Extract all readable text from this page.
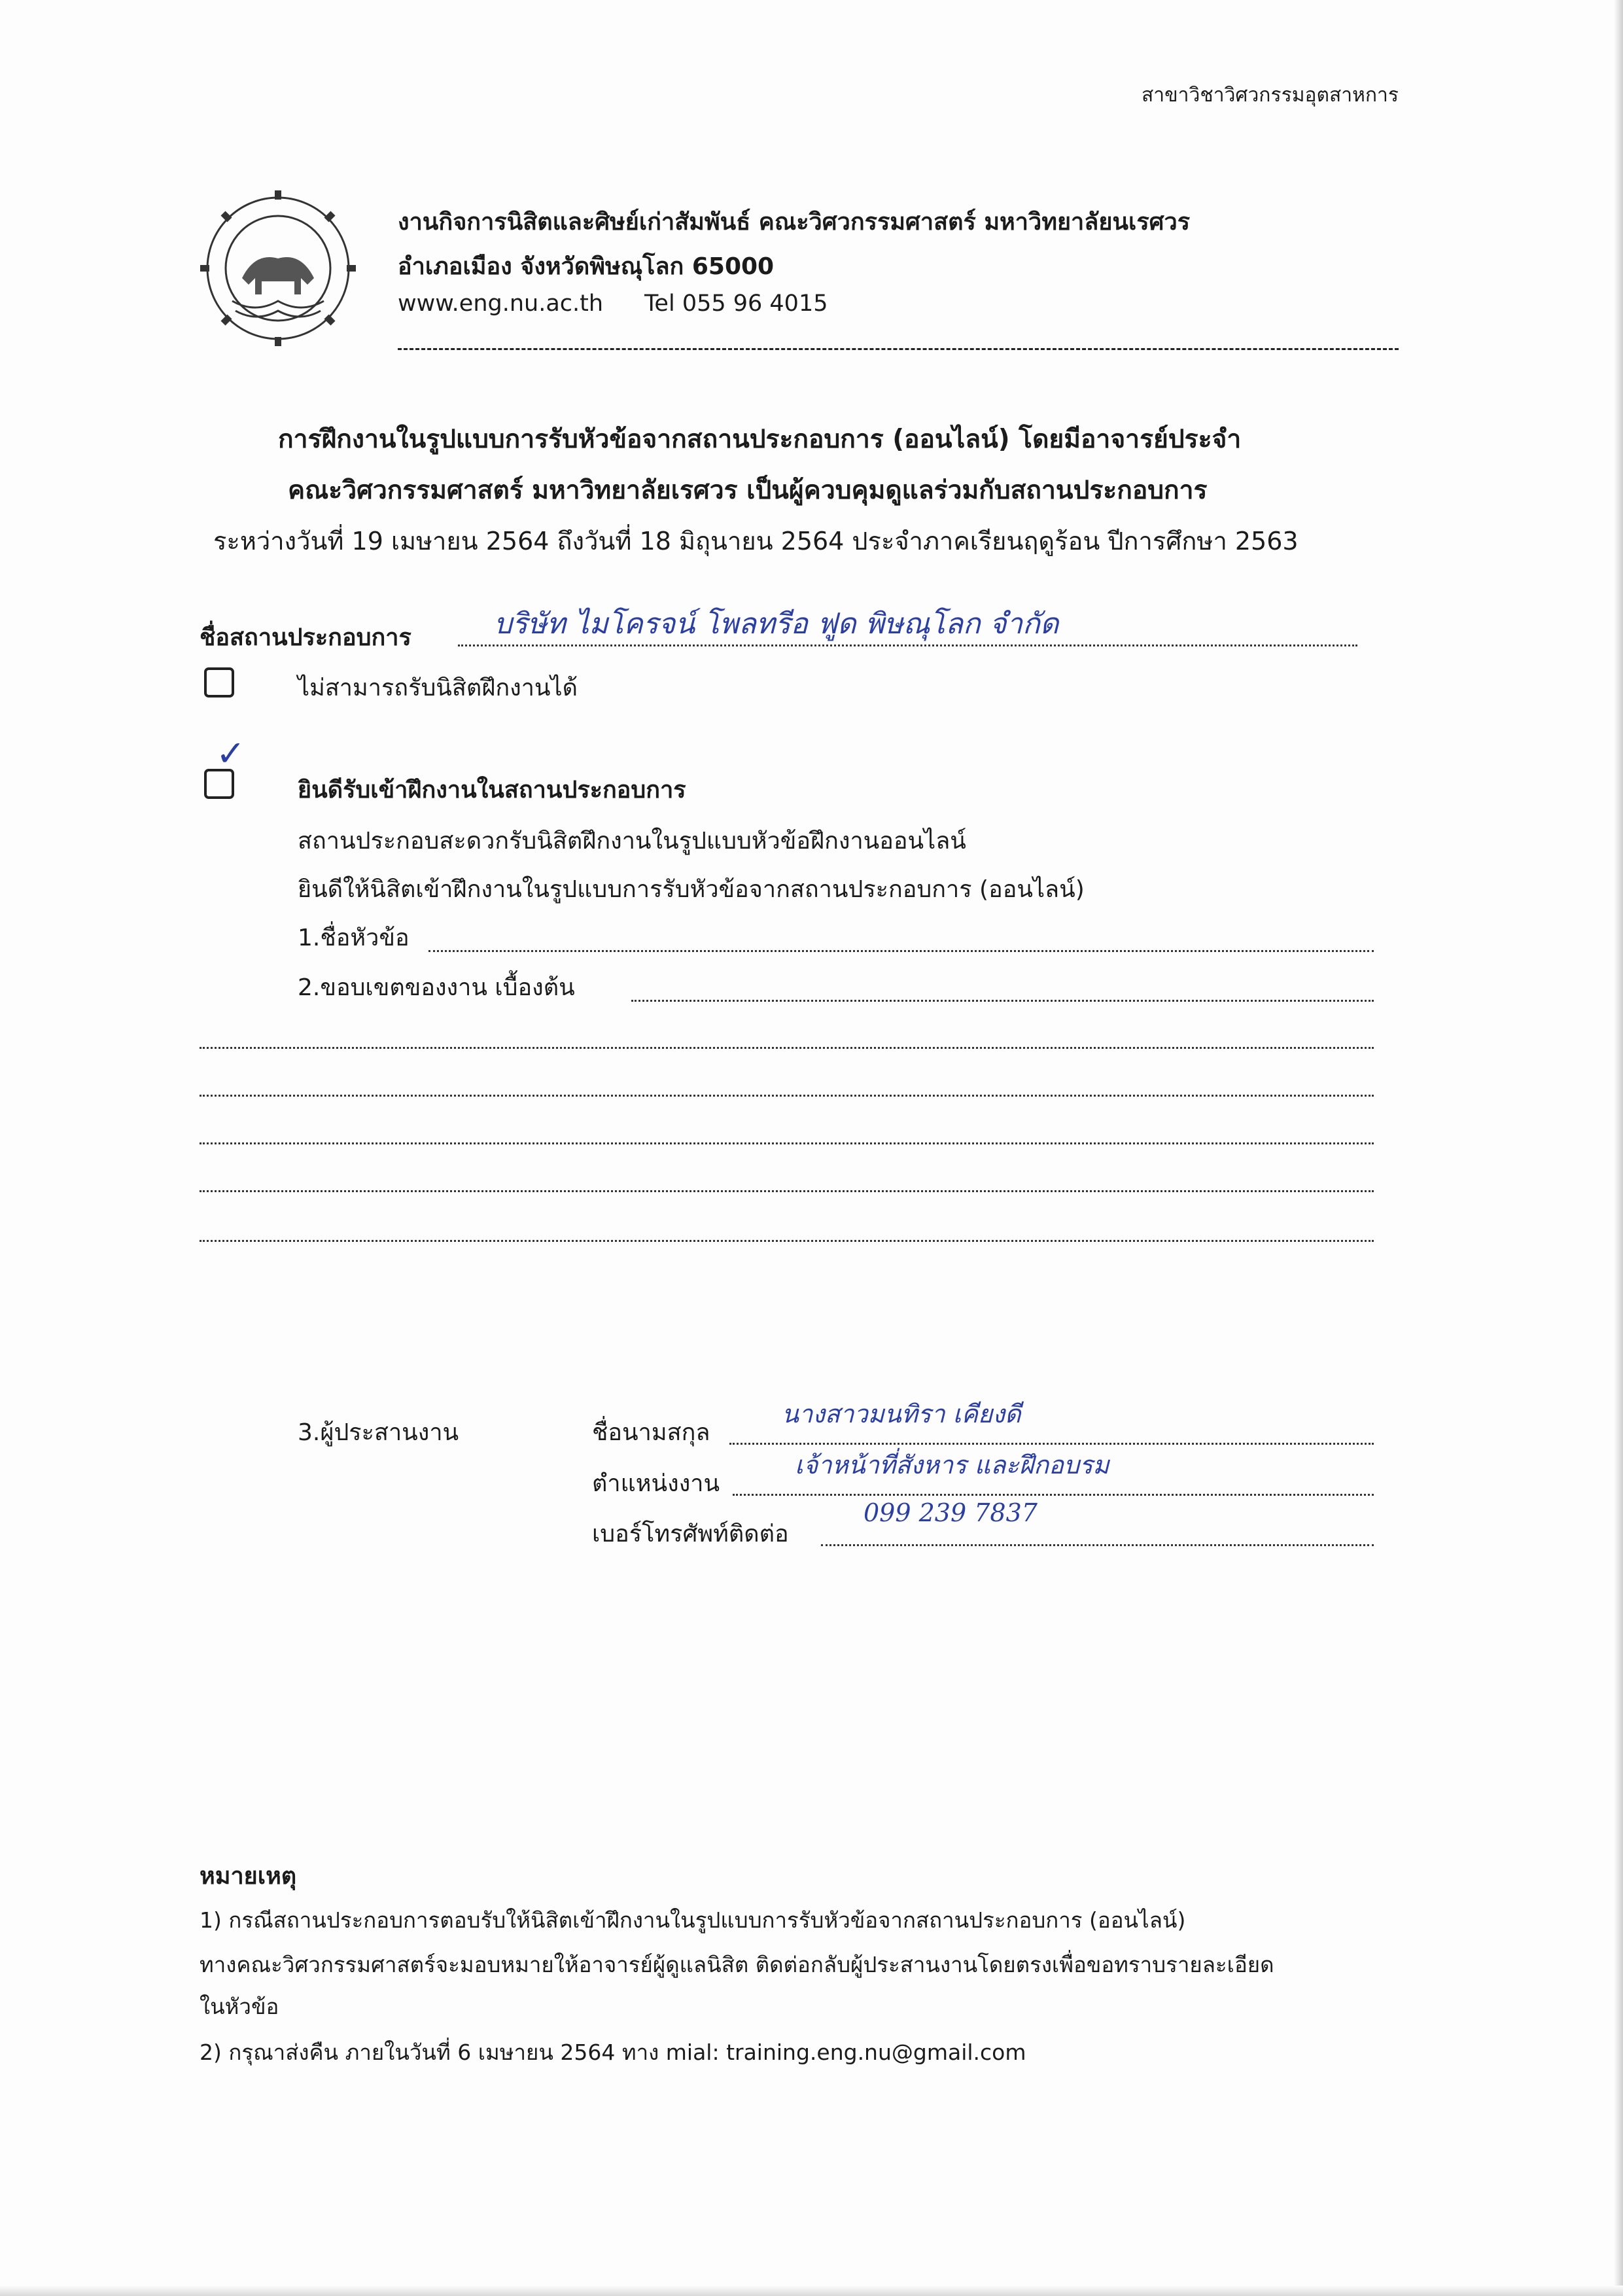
สาขาวิชาวิศวกรรมอุตสาหการ
งานกิจการนิสิตและศิษย์เก่าสัมพันธ์ คณะวิศวกรรมศาสตร์ มหาวิทยาลัยนเรศวร
อำเภอเมือง จังหวัดพิษณุโลก 65000
www.eng.nu.ac.th Tel 055 96 4015
การฝึกงานในรูปแบบการรับหัวข้อจากสถานประกอบการ (ออนไลน์) โดยมีอาจารย์ประจำ
คณะวิศวกรรมศาสตร์ มหาวิทยาลัยเรศวร เป็นผู้ควบคุมดูแลร่วมกับสถานประกอบการ
ระหว่างวันที่ 19 เมษายน 2564 ถึงวันที่ 18 มิถุนายน 2564 ประจำภาคเรียนฤดูร้อน ปีการศึกษา 2563
ชื่อสถานประกอบการ	บริษัท ไมโครจน์ โพลทรีอ ฟูด พิษณุโลก จำกัด
ไม่สามารถรับนิสิตฝึกงานได้
✓
ยินดีรับเข้าฝึกงานในสถานประกอบการ
สถานประกอบสะดวกรับนิสิตฝึกงานในรูปแบบหัวข้อฝึกงานออนไลน์
ยินดีให้นิสิตเข้าฝึกงานในรูปแบบการรับหัวข้อจากสถานประกอบการ (ออนไลน์)
1.ชื่อหัวข้อ
2.ขอบเขตของงาน เบื้องต้น
3.ผู้ประสานงาน	ชื่อนามสกุล
นางสาวมนทิรา เคียงดี
ตำแหน่งงาน
เจ้าหน้าที่สังหาร และฝึกอบรม
เบอร์โทรศัพท์ติดต่อ
099 239 7837
หมายเหตุ
1) กรณีสถานประกอบการตอบรับให้นิสิตเข้าฝึกงานในรูปแบบการรับหัวข้อจากสถานประกอบการ (ออนไลน์)
ทางคณะวิศวกรรมศาสตร์จะมอบหมายให้อาจารย์ผู้ดูแลนิสิต ติดต่อกลับผู้ประสานงานโดยตรงเพื่อขอทราบรายละเอียด
ในหัวข้อ
2) กรุณาส่งคืน ภายในวันที่ 6 เมษายน 2564 ทาง mial: training.eng.nu@gmail.com
